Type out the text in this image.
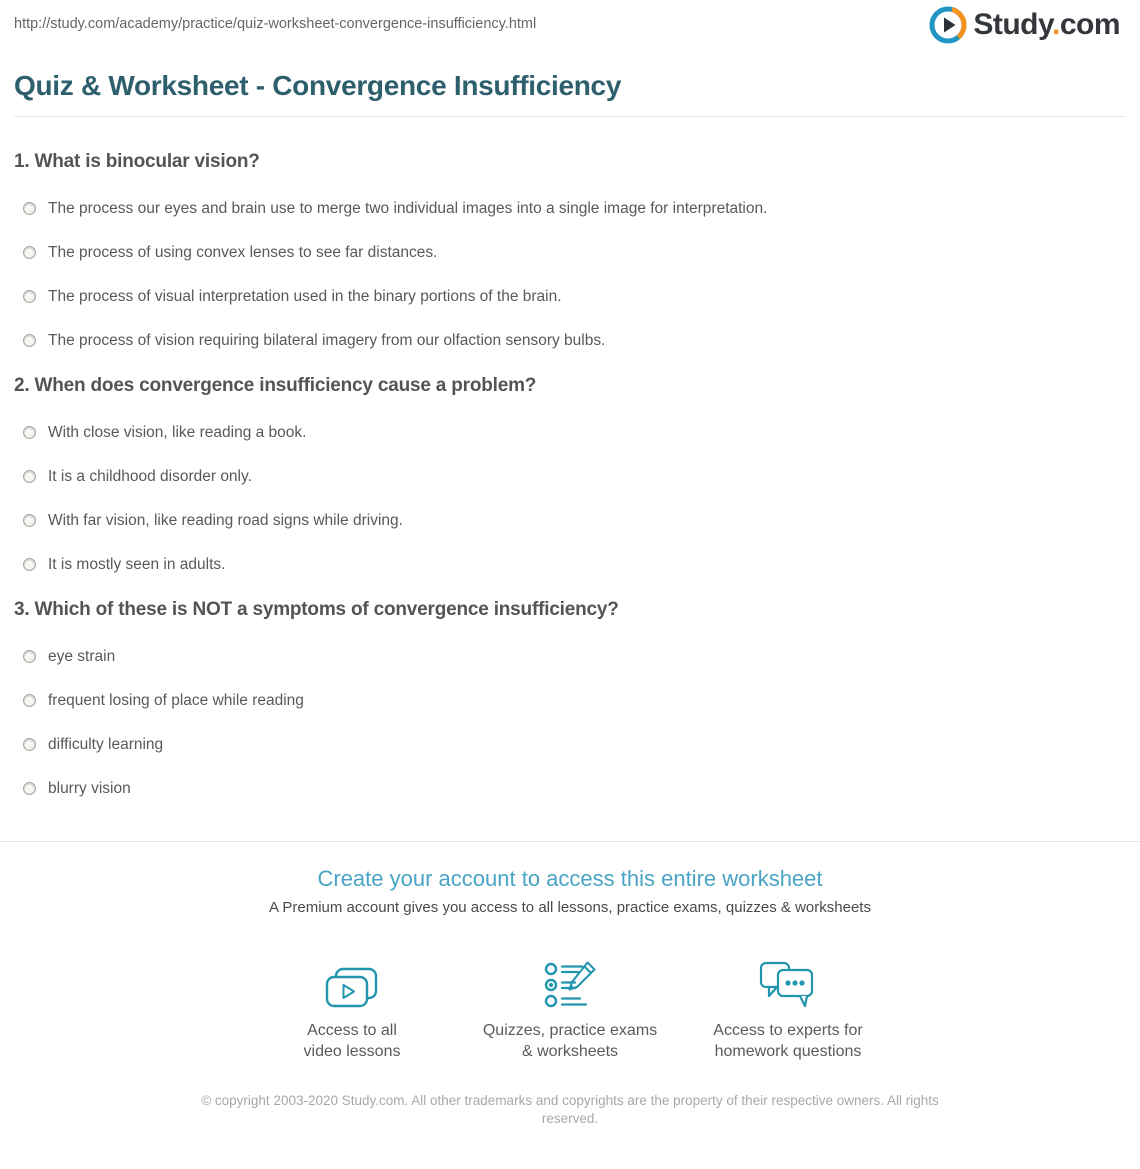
http://study.com/academy/practice/quiz-worksheet-convergence-insufficiency.html	Study.com
Quiz & Worksheet - Convergence Insufficiency
1. What is binocular vision?
The process our eyes and brain use to merge two individual images into a single image for interpretation.
The process of using convex lenses to see far distances.
The process of visual interpretation used in the binary portions of the brain.
The process of vision requiring bilateral imagery from our olfaction sensory bulbs.
2. When does convergence insufficiency cause a problem?
With close vision, like reading a book.
It is a childhood disorder only.
With far vision, like reading road signs while driving.
It is mostly seen in adults.
3. Which of these is NOT a symptoms of convergence insufficiency?
eye strain
frequent losing of place while reading
difficulty learning
blurry vision
Create your account to access this entire worksheet
A Premium account gives you access to all lessons, practice exams, quizzes & worksheets
Access to all
video lessons
Quizzes, practice exams
& worksheets
Access to experts for
homework questions
© copyright 2003-2020 Study.com. All other trademarks and copyrights are the property of their respective owners. All rights
reserved.
